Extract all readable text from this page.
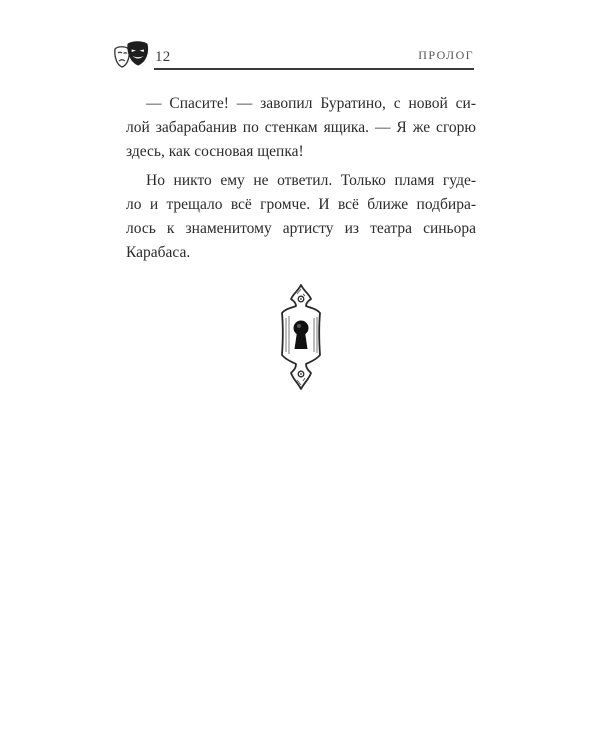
12	ПРОЛОГ
— Спасите! — завопил Буратино, с новой си-
лой забарабанив по стенкам ящика. — Я же сгорю
здесь, как сосновая щепка!
Но никто ему не ответил. Только пламя гуде-
ло и трещало всё громче. И всё ближе подбира-
лось к знаменитому артисту из театра синьора
Карабаса.
